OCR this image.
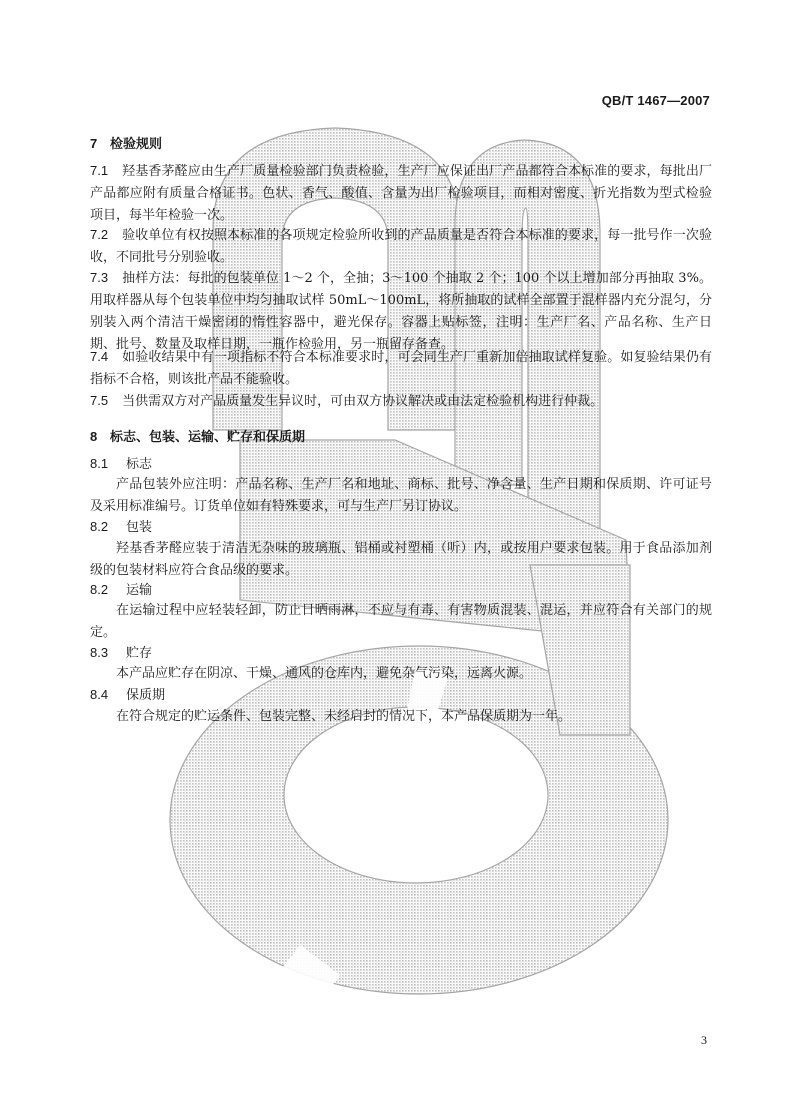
QB/T 1467—2007
7 检验规则
7.1 羟基香茅醛应由生产厂质量检验部门负责检验，生产厂应保证出厂产品都符合本标准的要求，每批出厂产品都应附有质量合格证书。色状、香气、酸值、含量为出厂检验项目，而相对密度、折光指数为型式检验项目，每半年检验一次。
7.2 验收单位有权按照本标准的各项规定检验所收到的产品质量是否符合本标准的要求，每一批号作一次验收，不同批号分别验收。
7.3 抽样方法：每批的包装单位 1～2 个，全抽；3～100 个抽取 2 个；100 个以上增加部分再抽取 3%。用取样器从每个包装单位中均匀抽取试样 50mL～100mL，将所抽取的试样全部置于混样器内充分混匀，分别装入两个清洁干燥密闭的惰性容器中，避光保存。容器上贴标签，注明：生产厂名、产品名称、生产日期、批号、数量及取样日期，一瓶作检验用，另一瓶留存备查。
7.4 如验收结果中有一项指标不符合本标准要求时，可会同生产厂重新加倍抽取试样复验。如复验结果仍有指标不合格，则该批产品不能验收。
7.5 当供需双方对产品质量发生异议时，可由双方协议解决或由法定检验机构进行仲裁。
8 标志、包装、运输、贮存和保质期
8.1 标志
产品包装外应注明：产品名称、生产厂名和地址、商标、批号、净含量、生产日期和保质期、许可证号及采用标准编号。订货单位如有特殊要求，可与生产厂另订协议。
8.2 包装
羟基香茅醛应装于清洁无杂味的玻璃瓶、铝桶或衬塑桶（听）内，或按用户要求包装。用于食品添加剂级的包装材料应符合食品级的要求。
8.2 运输
在运输过程中应轻装轻卸，防止日晒雨淋，不应与有毒、有害物质混装、混运，并应符合有关部门的规定。
8.3 贮存
本产品应贮存在阴凉、干燥、通风的仓库内，避免杂气污染，远离火源。
8.4 保质期
在符合规定的贮运条件、包装完整、未经启封的情况下，本产品保质期为一年。
3
